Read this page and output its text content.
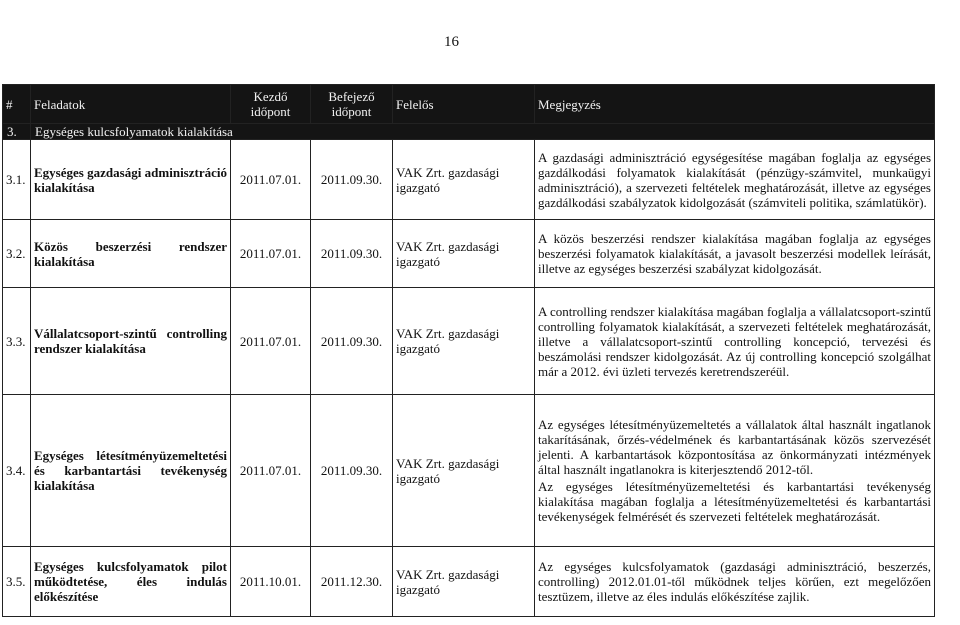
16
#	Feladatok	Kezdő időpont	Befejező időpont	Felelős	Megjegyzés
3.	Egységes kulcsfolyamatok kialakítása				
3.1.	Egységes gazdasági adminisztráció kialakítása	2011.07.01.	2011.09.30.	VAK Zrt. gazdasági igazgató	A gazdasági adminisztráció egységesítése magában foglalja az egységes gazdálkodási folyamatok kialakítását (pénzügy-számvitel, munkaügyi adminisztráció), a szervezeti feltételek meghatározását, illetve az egységes gazdálkodási szabályzatok kidolgozását (számviteli politika, számlatükör).

3.2.	Közös beszerzési rendszer kialakítása	2011.07.01.	2011.09.30.	VAK Zrt. gazdasági igazgató	A közös beszerzési rendszer kialakítása magában foglalja az egységes beszerzési folyamatok kialakítását, a javasolt beszerzési modellek leírását, illetve az egységes beszerzési szabályzat kidolgozását.

3.3.	Vállalatcsoport-szintű controlling rendszer kialakítása	2011.07.01.	2011.09.30.	VAK Zrt. gazdasági igazgató	A controlling rendszer kialakítása magában foglalja a vállalatcsoport-szintű controlling folyamatok kialakítását, a szervezeti feltételek meghatározását, illetve a vállalatcsoport-szintű controlling koncepció, tervezési és beszámolási rendszer kidolgozását. Az új controlling koncepció szolgálhat már a 2012. évi üzleti tervezés keretrendszeréül.

3.4.	Egységes létesítményüzemeltetési és karbantartási tevékenység kialakítása	2011.07.01.	2011.09.30.	VAK Zrt. gazdasági igazgató	Az egységes létesítményüzemeltetés a vállalatok által használt ingatlanok takarításának, őrzés-védelmének és karbantartásának közös szervezését jelenti. A karbantartások központosítása az önkormányzati intézmények által használt ingatlanokra is kiterjesztendő 2012-től.

Az egységes létesítményüzemeltetési és karbantartási tevékenység kialakítása magában foglalja a létesítményüzemeltetési és karbantartási tevékenységek felmérését és szervezeti feltételek meghatározását.

3.5.	Egységes kulcsfolyamatok pilot működtetése, éles indulás előkészítése	2011.10.01.	2011.12.30.	VAK Zrt. gazdasági igazgató	Az egységes kulcsfolyamatok (gazdasági adminisztráció, beszerzés, controlling) 2012.01.01-től működnek teljes körűen, ezt megelőzően tesztüzem, illetve az éles indulás előkészítése zajlik.
